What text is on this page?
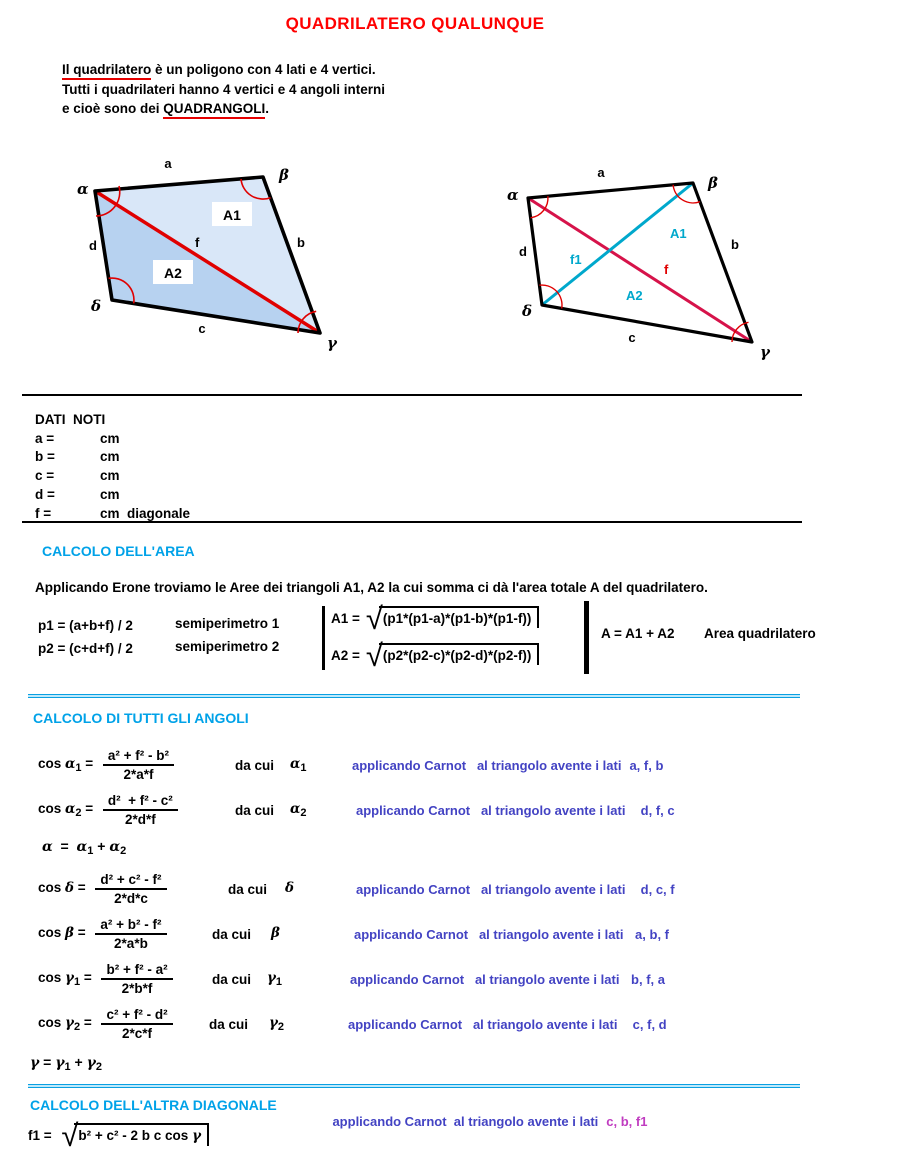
QUADRILATERO QUALUNQUE
Il quadrilatero è un poligono con 4 lati e 4 vertici.
Tutti i quadrilateri hanno 4 vertici e 4 angoli interni
e cioè sono dei QUADRANGOLI.
a
b
c
d	f
A1
A2
α
β
γ
δ
a
b
c
d
f
f1
A1
A2
α
β
γ
δ
DATI  NOTI
a =	cm
b =	cm
c =	cm
d =	cm
f =	cm  diagonale
CALCOLO DELL'AREA
Applicando Erone troviamo le Aree dei triangoli A1, A2 la cui somma ci dà l'area totale A del quadrilatero.
p1 = (a+b+f) / 2
p2 = (c+d+f) / 2
semiperimetro 1
semiperimetro 2
A1 = √ (p1*(p1-a)*(p1-b)*(p1-f))
A2 = √ (p2*(p2-c)*(p2-d)*(p2-f))
A = A1 + A2 Area quadrilatero
CALCOLO DI TUTTI GLI ANGOLI
$\cos \alpha_1 = \frac{\text{a² + f² - b²}}{2*a*f}$	da cui $\alpha_1$	applicando Carnot   al triangolo avente i lati a, f, b
$\cos \alpha_2 = \frac{\text{d²  + f² - c²}}{2*d*f}$	da cui $\alpha_2$	applicando Carnot   al triangolo avente i lati  d, f, c
$\alpha = \alpha_1 + \alpha_2$
$\cos \delta = \frac{\text{d² + c² - f²}}{2*d*c}$	da cui δ	applicando Carnot   al triangolo avente i lati  d, c, f
$\cos \beta = \frac{\text{a² + b² - f²}}{2*a*b}$	da cui β	applicando Carnot   al triangolo avente i lati a, b, f
$\cos \gamma_1 = \frac{\text{b² + f² - a²}}{2*b*f}$	da cui $\gamma_1$	applicando Carnot   al triangolo avente i lati b, f, a
$\cos \gamma_2 = \frac{\text{c² + f² - d²}}{2*c*f}$	da cui $\gamma_2$	applicando Carnot   al triangolo avente i lati  c, f, d
$\gamma = \gamma_1 + \gamma_2$
CALCOLO DELL'ALTRA DIAGONALE

applicando Carnot  al triangolo avente i lati c, b, f1

f1 = √ b² + c² - 2 b c cos γ
